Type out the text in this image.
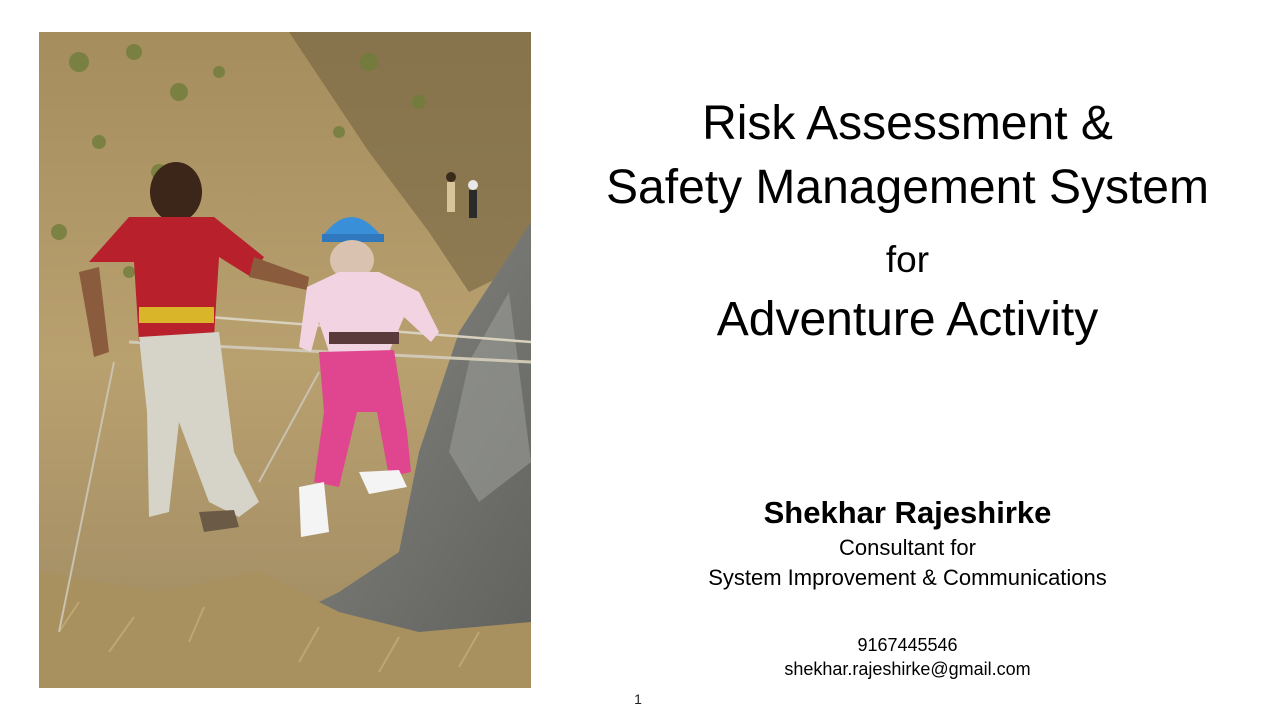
Risk Assessment &
Safety Management System
for
Adventure Activity
Shekhar Rajeshirke
Consultant for
System Improvement & Communications
9167445546
shekhar.rajeshirke@gmail.com
1
